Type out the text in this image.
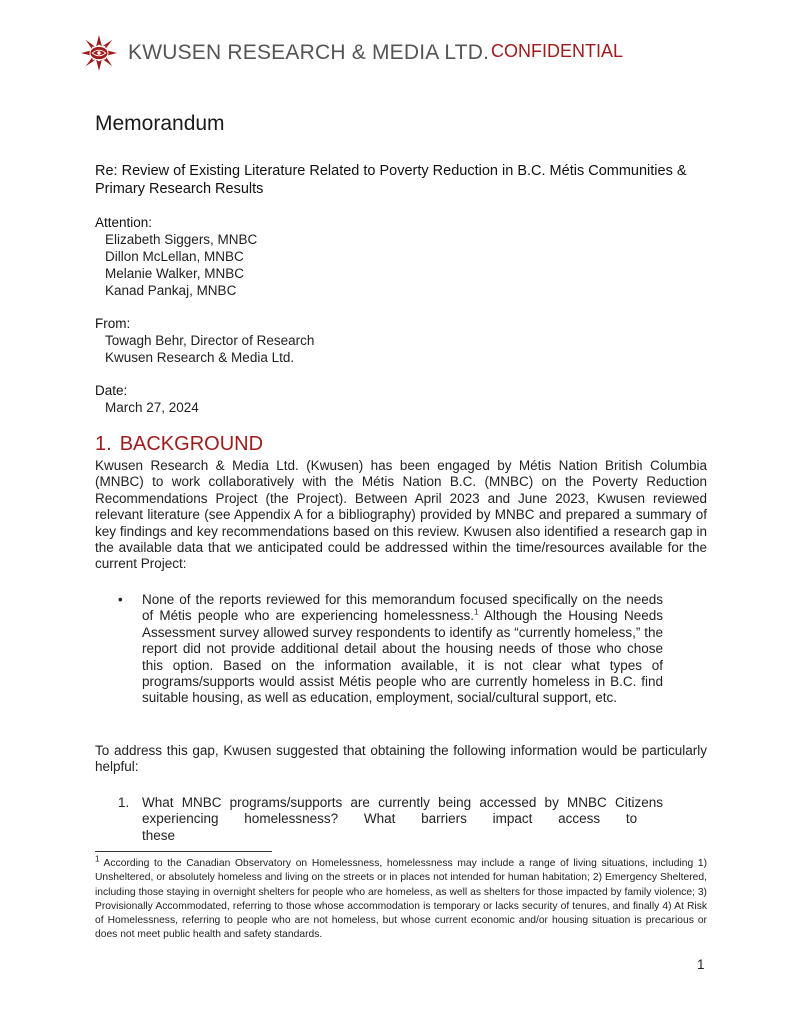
KWUSEN RESEARCH & MEDIA LTD. CONFIDENTIAL
Memorandum
Re: Review of Existing Literature Related to Poverty Reduction in B.C. Métis Communities & Primary Research Results
Attention:
Elizabeth Siggers, MNBC
Dillon McLellan, MNBC
Melanie Walker, MNBC
Kanad Pankaj, MNBC
From:
Towagh Behr, Director of Research
Kwusen Research & Media Ltd.
Date:
March 27, 2024
1. BACKGROUND
Kwusen Research & Media Ltd. (Kwusen) has been engaged by Métis Nation British Columbia (MNBC) to work collaboratively with the Métis Nation B.C. (MNBC) on the Poverty Reduction Recommendations Project (the Project). Between April 2023 and June 2023, Kwusen reviewed relevant literature (see Appendix A for a bibliography) provided by MNBC and prepared a summary of key findings and key recommendations based on this review. Kwusen also identified a research gap in the available data that we anticipated could be addressed within the time/resources available for the current Project:
• None of the reports reviewed for this memorandum focused specifically on the needs of Métis people who are experiencing homelessness.$^1$ Although the Housing Needs Assessment survey allowed survey respondents to identify as “currently homeless,” the report did not provide additional detail about the housing needs of those who chose this option. Based on the information available, it is not clear what types of programs/supports would assist Métis people who are currently homeless in B.C. find suitable housing, as well as education, employment, social/cultural support, etc.
To address this gap, Kwusen suggested that obtaining the following information would be particularly helpful:
1. What MNBC programs/supports are currently being accessed by MNBC Citizens
experiencing homelessness? What barriers impact access to these
$^1$ According to the Canadian Observatory on Homelessness, homelessness may include a range of living situations, including 1) Unsheltered, or absolutely homeless and living on the streets or in places not intended for human habitation; 2) Emergency Sheltered, including those staying in overnight shelters for people who are homeless, as well as shelters for those impacted by family violence; 3) Provisionally Accommodated, referring to those whose accommodation is temporary or lacks security of tenures, and finally 4) At Risk of Homelessness, referring to people who are not homeless, but whose current economic and/or housing situation is precarious or does not meet public health and safety standards.
1
